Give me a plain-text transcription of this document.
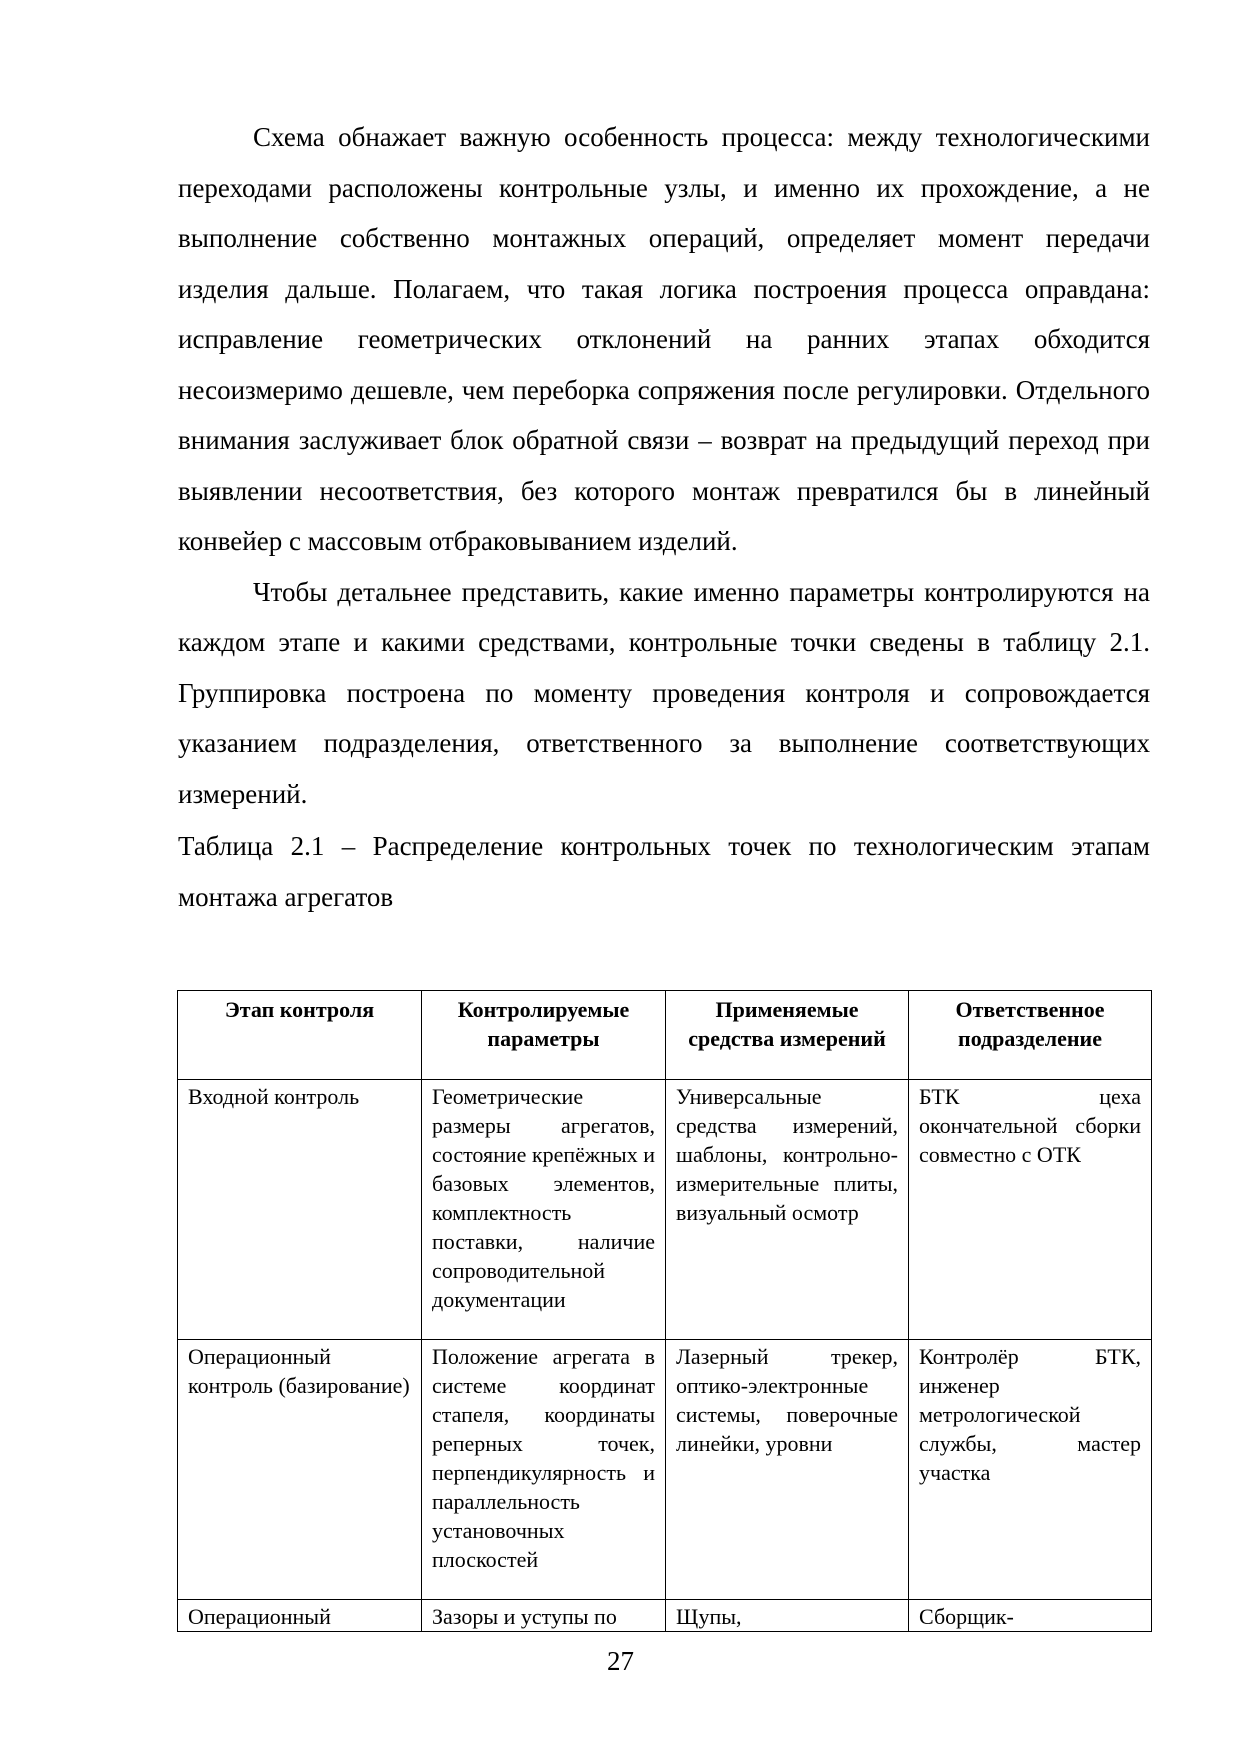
Схема обнажает важную особенность процесса: между технологическими переходами расположены контрольные узлы, и именно их прохождение, а не выполнение собственно монтажных операций, определяет момент передачи изделия дальше. Полагаем, что такая логика построения процесса оправдана: исправление геометрических отклонений на ранних этапах обходится несоизмеримо дешевле, чем переборка сопряжения после регулировки. Отдельного внимания заслуживает блок обратной связи – возврат на предыдущий переход при выявлении несоответствия, без которого монтаж превратился бы в линейный конвейер с массовым отбраковыванием изделий.

Чтобы детальнее представить, какие именно параметры контролируются на каждом этапе и какими средствами, контрольные точки сведены в таблицу 2.1. Группировка построена по моменту проведения контроля и сопровождается указанием подразделения, ответственного за выполнение соответствующих измерений.

Таблица 2.1 – Распределение контрольных точек по технологическим этапам монтажа агрегатов

Этап контроля	Контролируемые параметры	Применяемые средства измерений	Ответственное подразделение
Входной контроль	Геометрические размеры агрегатов, состояние крепёжных и базовых элементов, комплектность поставки, наличие сопроводительной документации	Универсальные средства измерений, шаблоны, контрольно-измерительные плиты, визуальный осмотр	БТК цеха окончательной сборки совместно с ОТК
Операционный контроль (базирование)	Положение агрегата в системе координат стапеля, координаты реперных точек, перпендикулярность и параллельность установочных плоскостей	Лазерный трекер, оптико-электронные системы, поверочные линейки, уровни	Контролёр БТК, инженер метрологической службы, мастер участка
Операционный	Зазоры и уступы по	Щупы,	Сборщик-
27
